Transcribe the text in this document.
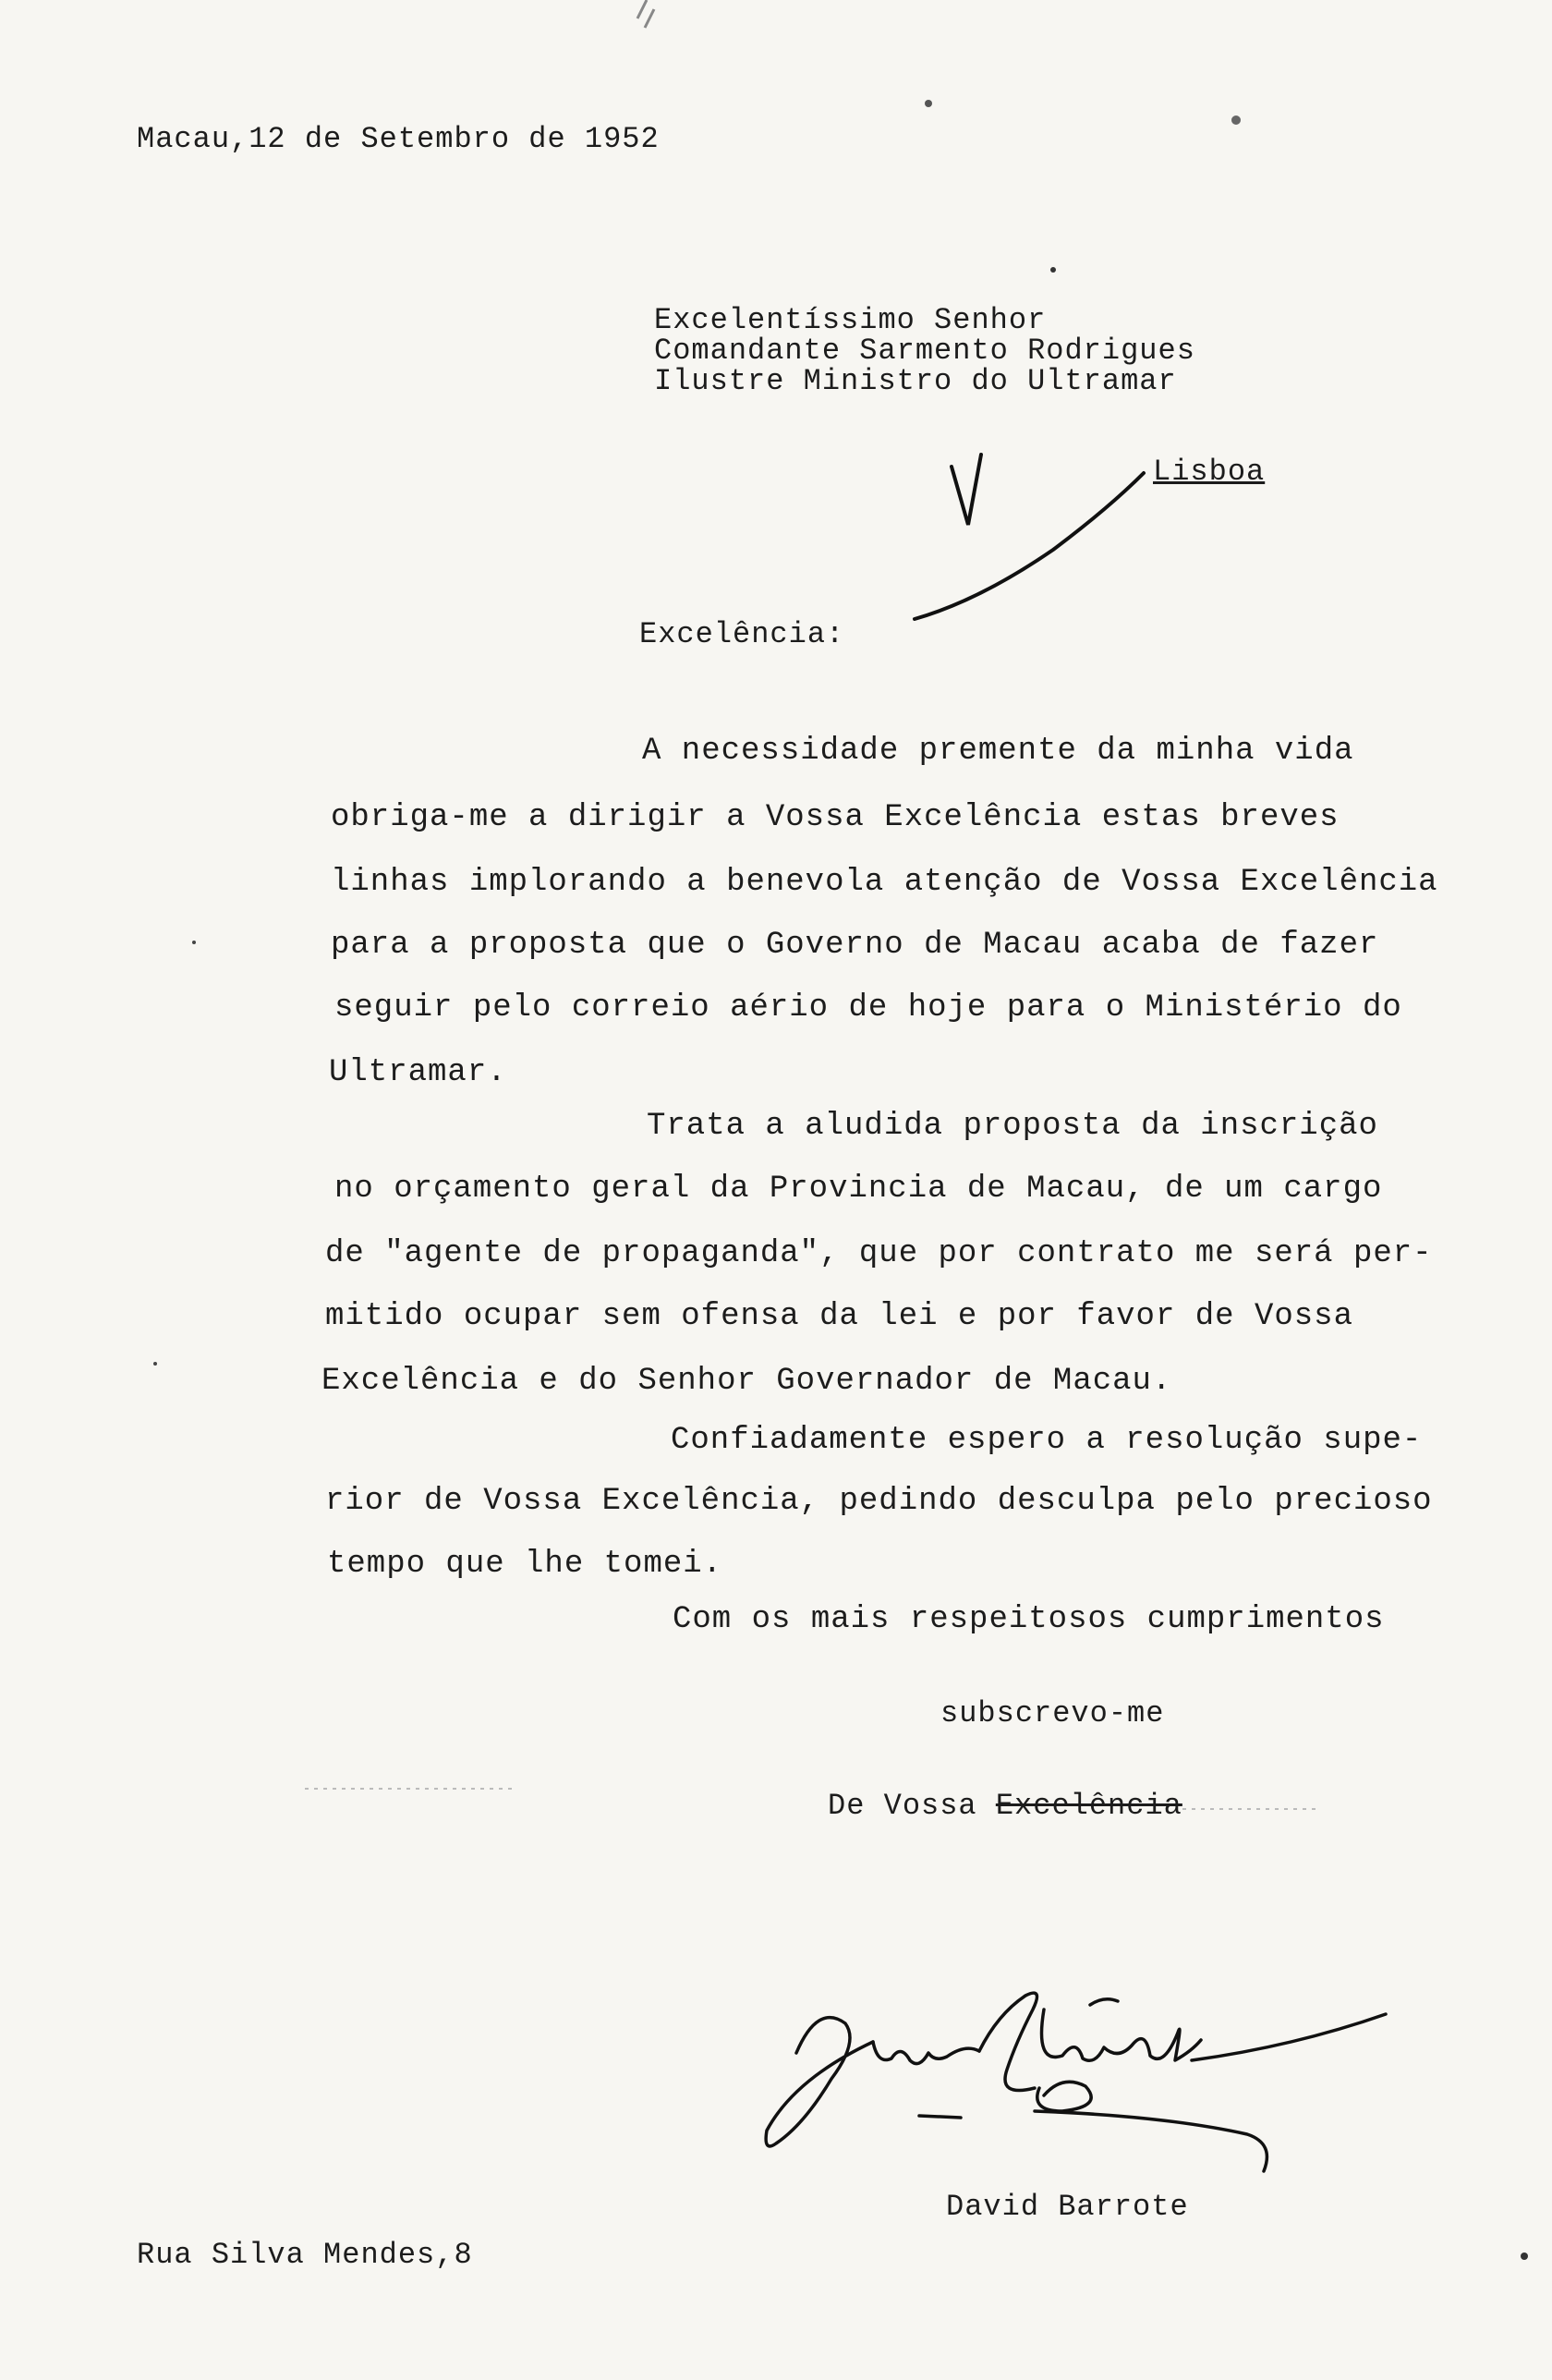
Macau,12 de Setembro de 1952
Excelentíssimo Senhor
Comandante Sarmento Rodrigues
Ilustre Ministro do Ultramar
Lisboa
Excelência:
A necessidade premente da minha vida
obriga-me a dirigir a Vossa Excelência estas breves
linhas implorando a benevola atenção de Vossa Excelência
para a proposta que o Governo de Macau acaba de fazer
seguir pelo correio aério de hoje para o Ministério do
Ultramar.
Trata a aludida proposta da inscrição
no orçamento geral da Provincia de Macau, de um cargo
de "agente de propaganda", que por contrato me será per-
mitido ocupar sem ofensa da lei e por favor de Vossa
Excelência e do Senhor Governador de Macau.
Confiadamente espero a resolução supe-
rior de Vossa Excelência, pedindo desculpa pelo precioso
tempo que lhe tomei.
Com os mais respeitosos cumprimentos
subscrevo-me
De Vossa Excelência
David Barrote
Rua Silva Mendes,8
